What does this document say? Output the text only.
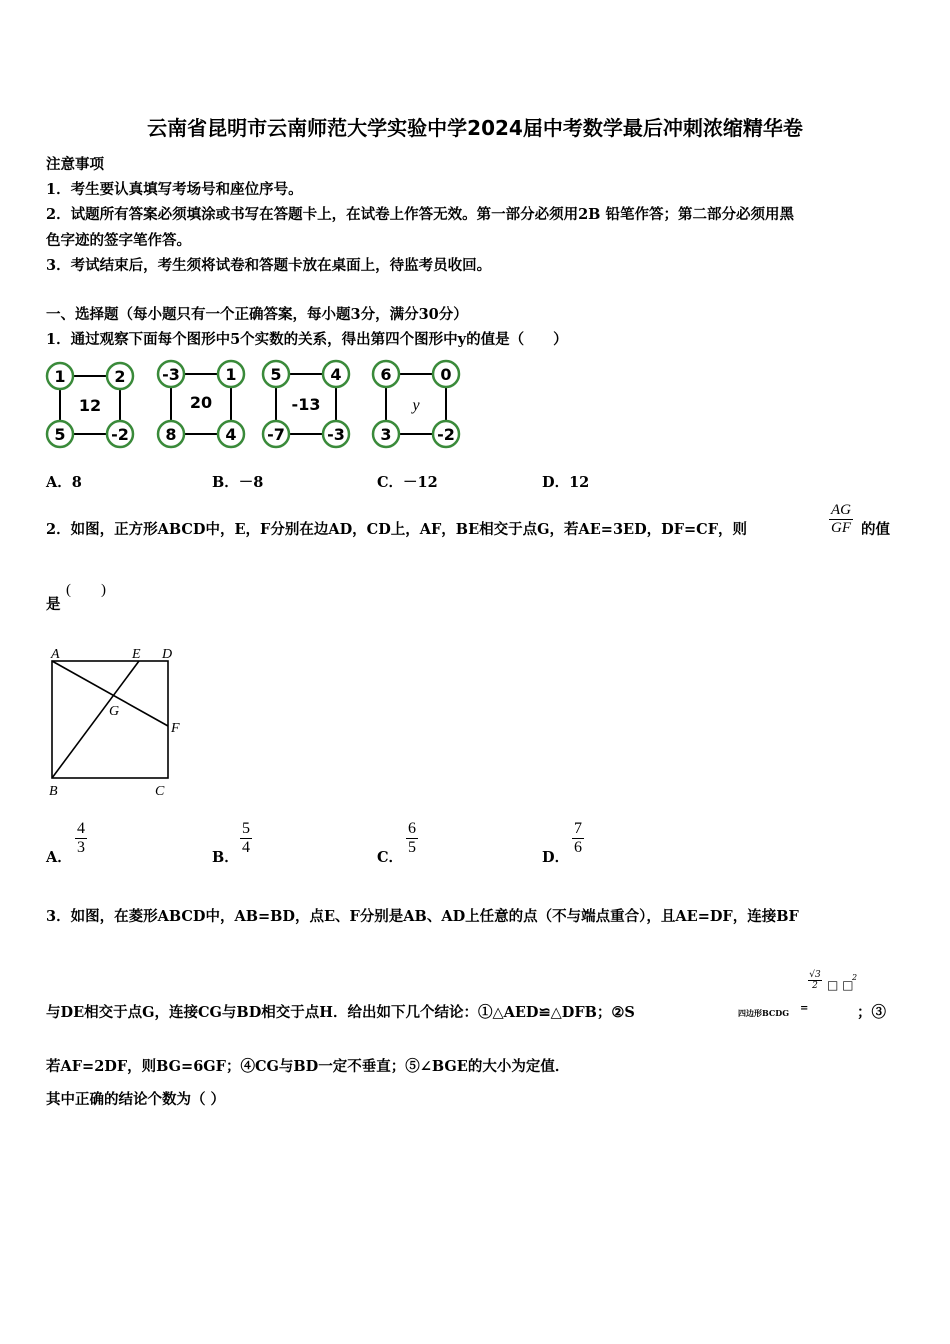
云南省昆明市云南师范大学实验中学2024届中考数学最后冲刺浓缩精华卷
注意事项
1．考生要认真填写考场号和座位序号。
2．试题所有答案必须填涂或书写在答题卡上，在试卷上作答无效。第一部分必须用2B 铅笔作答；第二部分必须用黑
色字迹的签字笔作答。
3．考试结束后，考生须将试卷和答题卡放在桌面上，待监考员收回。
一、选择题（每小题只有一个正确答案，每小题3分，满分30分）
1．通过观察下面每个图形中5个实数的关系，得出第四个图形中y的值是（　　）
1	2
5	-2
12
-3	1
8	4
20
5	4
-7	-3
-13
6	0
3	-2
y
A．8	B．－8	C．－12	D．12
2．如图，正方形ABCD中，E，F分别在边AD，CD上，AF，BE相交于点G，若AE=3ED，DF=CF，则	$\frac{AG}{GF}$ 的值
是
(　　)
A	E D
G
F
B	C
A．
$\frac{4}{3}$
B．
$\frac{5}{4}$
C．
$\frac{6}{5}$
D．
$\frac{7}{6}$
3．如图，在菱形ABCD中，AB=BD，点E、F分别是AB、AD上任意的点（不与端点重合），且AE=DF，连接BF
与DE相交于点G，连接CG与BD相交于点H．给出如下几个结论：①△AED≌△DFB；②S	四边形BCDG =
√3
2 □ □
2
；③
若AF=2DF，则BG=6GF；④CG与BD一定不垂直；⑤∠BGE的大小为定值．
其中正确的结论个数为（ ）
